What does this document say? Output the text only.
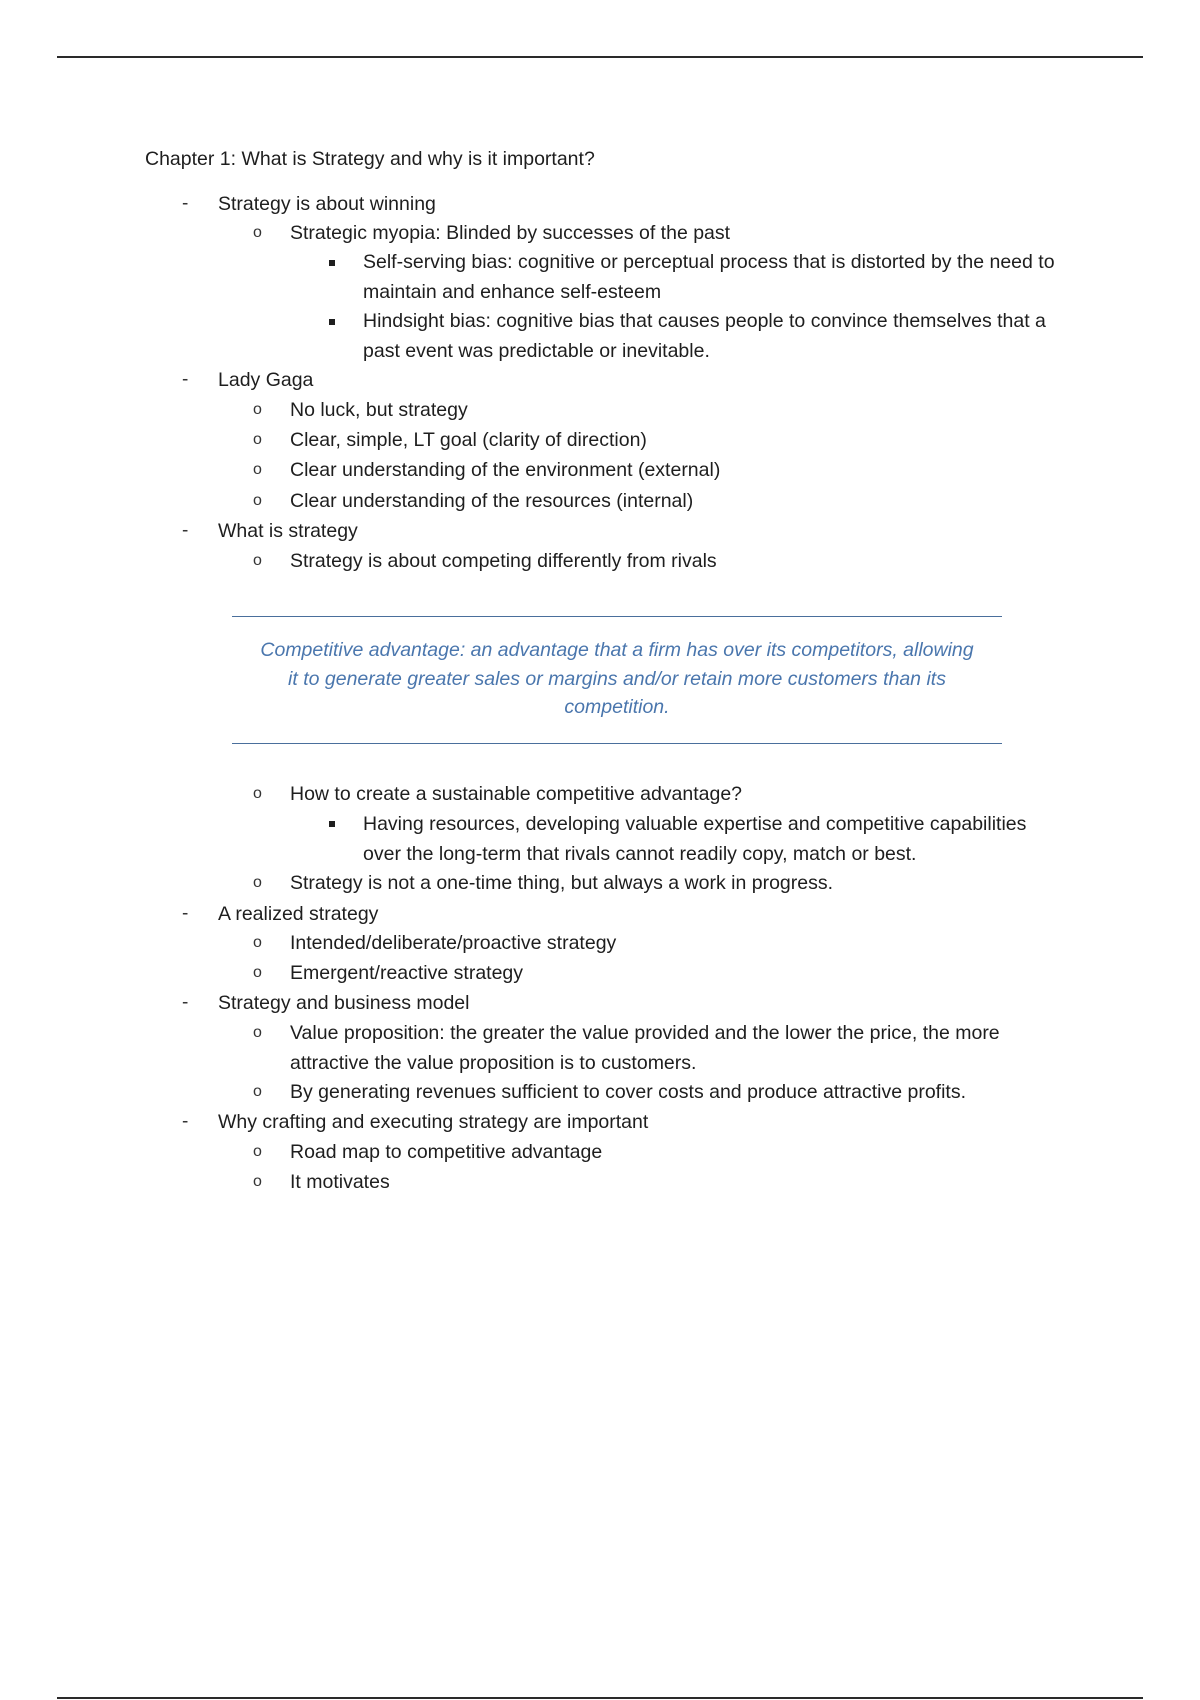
Chapter 1: What is Strategy and why is it important?
- Strategy is about winning
o Strategic myopia: Blinded by successes of the past
Self-serving bias: cognitive or perceptual process that is distorted by the need to
maintain and enhance self-esteem
Hindsight bias: cognitive bias that causes people to convince themselves that a
past event was predictable or inevitable.
- Lady Gaga
o No luck, but strategy
o Clear, simple, LT goal (clarity of direction)
o Clear understanding of the environment (external)
o Clear understanding of the resources (internal)
- What is strategy
o Strategy is about competing differently from rivals
Competitive advantage: an advantage that a firm has over its competitors, allowing
it to generate greater sales or margins and/or retain more customers than its
competition.
o How to create a sustainable competitive advantage?
Having resources, developing valuable expertise and competitive capabilities
over the long-term that rivals cannot readily copy, match or best.
o Strategy is not a one-time thing, but always a work in progress.
- A realized strategy
o Intended/deliberate/proactive strategy
o Emergent/reactive strategy
- Strategy and business model
o Value proposition: the greater the value provided and the lower the price, the more
attractive the value proposition is to customers.
o By generating revenues sufficient to cover costs and produce attractive profits.
- Why crafting and executing strategy are important
o Road map to competitive advantage
o It motivates
